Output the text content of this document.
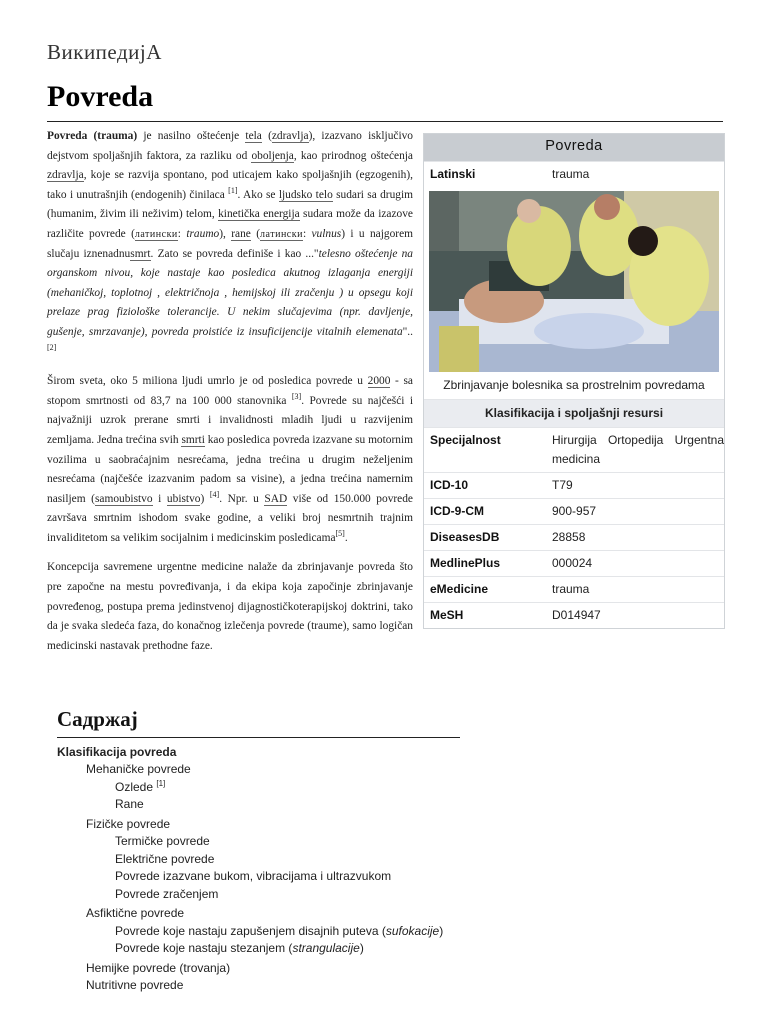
ВикипедијА
Povreda
Povreda
Latinski	trauma
Zbrinjavanje bolesnika sa prostrelnim povredama
Klasifikacija i spoljašnji resursi
Specijalnost	Hirurgija Ortopedija Urgentna medicina
ICD-10	T79
ICD-9-CM	900-957
DiseasesDB	28858
MedlinePlus	000024
eMedicine	trauma
MeSH	D014947

Povreda (trauma) je nasilno oštećenje tela (zdravlja), izazvano isključivo dejstvom spoljašnjih faktora, za razliku od oboljenja, kao prirodnog oštećenja zdravlja, koje se razvija spontano, pod uticajem kako spoljašnjih (egzogenih), tako i unutrašnjih (endogenih) činilaca [1]. Ako se ljudsko telo sudari sa drugim (humanim, živim ili neživim) telom, kinetička energija sudara može da izazove različite povrede (латински: traumo), rane (латински: vulnus) i u najgorem slučaju iznenadnusmrt. Zato se povreda definiše i kao ..."telesno oštećenje na organskom nivou, koje nastaje kao posledica akutnog izlaganja energiji (mehaničkoj, toplotnoj , električnoja , hemijskoj ili zračenju ) u opsegu koji prelaze prag fiziološke tolerancije. U nekim slučajevima (npr. davljenje, gušenje, smrzavanje), povreda proistiće iz insuficijencije vitalnih elemenata".. [2]

Širom sveta, oko 5 miliona ljudi umrlo je od posledica povrede u 2000 - sa stopom smrtnosti od 83,7 na 100 000 stanovnika [3]. Povrede su najčešći i najvažniji uzrok prerane smrti i invalidnosti mladih ljudi u razvijenim zemljama. Jedna trećina svih smrti kao posledica povreda izazvane su motornim vozilima u saobraćajnim nesrećama, jedna trećina u drugim neželjenim nesrećama (najčešće izazvanim padom sa visine), a jedna trećina namernim nasiljem (samoubistvo i ubistvo) [4]. Npr. u SAD više od 150.000 povrede završava smrtnim ishodom svake godine, a veliki broj nesmrtnih trajnim invaliditetom sa velikim socijalnim i medicinskim posledicama[5].

Koncepcija savremene urgentne medicine nalaže da zbrinjavanje povreda što pre započne na mestu povređivanja, i da ekipa koja započinje zbrinjavanje povređenog, postupa prema jedinstvenoj dijagnostičkoterapijskoj doktrini, tako da je svaka sledeća faza, do konačnog izlečenja povrede (traume), samo logičan medicinski nastavak prethodne faze.

Садржај
Klasifikacija povreda
Mehaničke povrede
Ozlede [1]
Rane
Fizičke povrede
Termičke povrede
Električne povrede
Povrede izazvane bukom, vibracijama i ultrazvukom
Povrede zračenjem
Asfiktične povrede
Povrede koje nastaju zapušenjem disajnih puteva (sufokacije)
Povrede koje nastaju stezanjem (strangulacije)
Hemijke povrede (trovanja)
Nutritivne povrede
